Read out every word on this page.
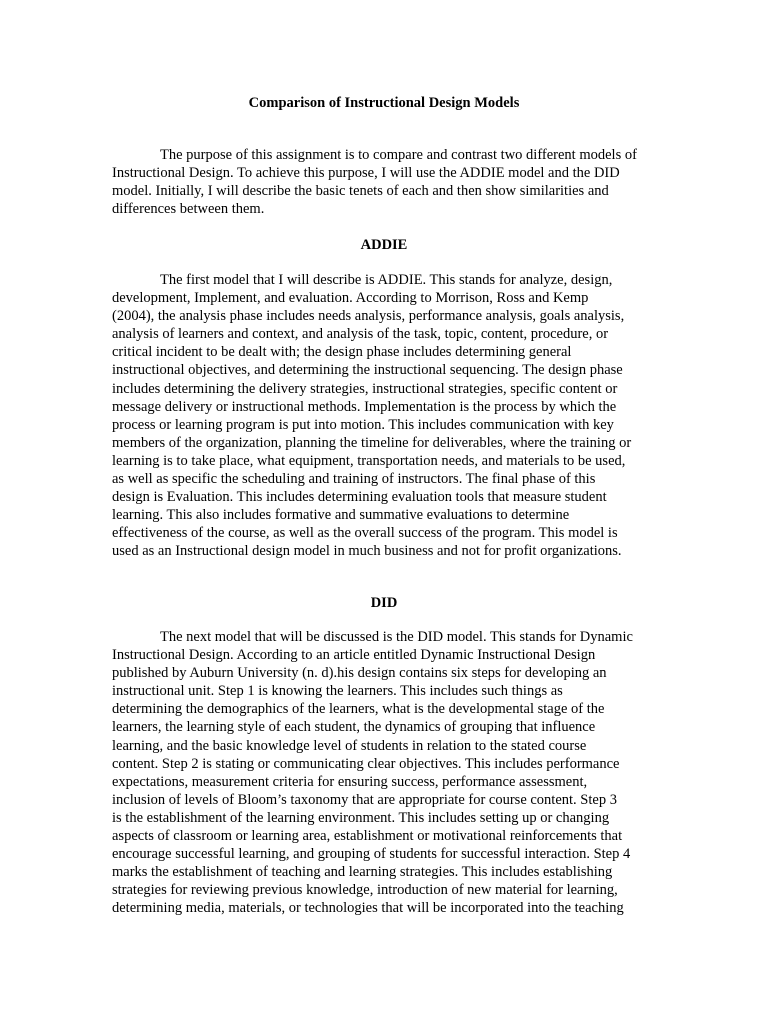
Comparison of Instructional Design Models
The purpose of this assignment is to compare and contrast two different models of
Instructional Design. To achieve this purpose, I will use the ADDIE model and the DID
model. Initially, I will describe the basic tenets of each and then show similarities and
differences between them.
ADDIE
The first model that I will describe is ADDIE. This stands for analyze, design,
development, Implement, and evaluation. According to Morrison, Ross and Kemp
(2004), the analysis phase includes needs analysis, performance analysis, goals analysis,
analysis of learners and context, and analysis of the task, topic, content, procedure, or
critical incident to be dealt with; the design phase includes determining general
instructional objectives, and determining the instructional sequencing. The design phase
includes determining the delivery strategies, instructional strategies, specific content or
message delivery or instructional methods. Implementation is the process by which the
process or learning program is put into motion. This includes communication with key
members of the organization, planning the timeline for deliverables, where the training or
learning is to take place, what equipment, transportation needs, and materials to be used,
as well as specific the scheduling and training of instructors. The final phase of this
design is Evaluation. This includes determining evaluation tools that measure student
learning. This also includes formative and summative evaluations to determine
effectiveness of the course, as well as the overall success of the program. This model is
used as an Instructional design model in much business and not for profit organizations.
DID
The next model that will be discussed is the DID model. This stands for Dynamic
Instructional Design. According to an article entitled Dynamic Instructional Design
published by Auburn University (n. d).his design contains six steps for developing an
instructional unit. Step 1 is knowing the learners. This includes such things as
determining the demographics of the learners, what is the developmental stage of the
learners, the learning style of each student, the dynamics of grouping that influence
learning, and the basic knowledge level of students in relation to the stated course
content. Step 2 is stating or communicating clear objectives. This includes performance
expectations, measurement criteria for ensuring success, performance assessment,
inclusion of levels of Bloom’s taxonomy that are appropriate for course content. Step 3
is the establishment of the learning environment. This includes setting up or changing
aspects of classroom or learning area, establishment or motivational reinforcements that
encourage successful learning, and grouping of students for successful interaction. Step 4
marks the establishment of teaching and learning strategies. This includes establishing
strategies for reviewing previous knowledge, introduction of new material for learning,
determining media, materials, or technologies that will be incorporated into the teaching
